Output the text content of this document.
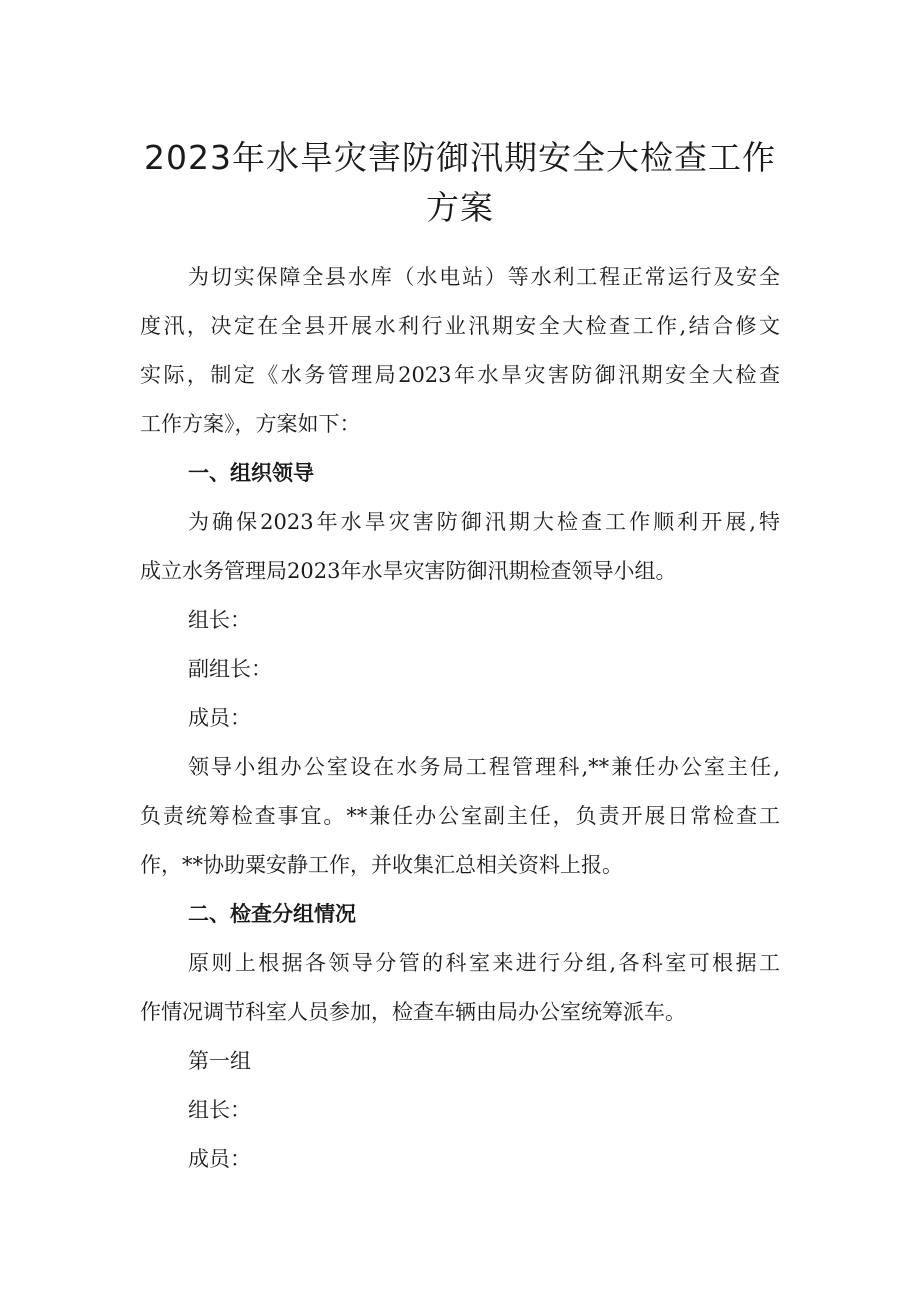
2023年水旱灾害防御汛期安全大检查工作
方案

为切实保障全县水库（水电站）等水利工程正常运行及安全

度汛，决定在全县开展水利行业汛期安全大检查工作,结合修文

实际，制定《水务管理局2023年水旱灾害防御汛期安全大检查

工作方案》，方案如下：

一、组织领导

为确保2023年水旱灾害防御汛期大检查工作顺利开展,特

成立水务管理局2023年水旱灾害防御汛期检查领导小组。

组长：

副组长：

成员：

领导小组办公室设在水务局工程管理科,**兼任办公室主任,

负责统筹检查事宜。**兼任办公室副主任，负责开展日常检查工

作，**协助粟安静工作，并收集汇总相关资料上报。

二、检查分组情况

原则上根据各领导分管的科室来进行分组,各科室可根据工

作情况调节科室人员参加，检查车辆由局办公室统筹派车。

第一组

组长：

成员：
